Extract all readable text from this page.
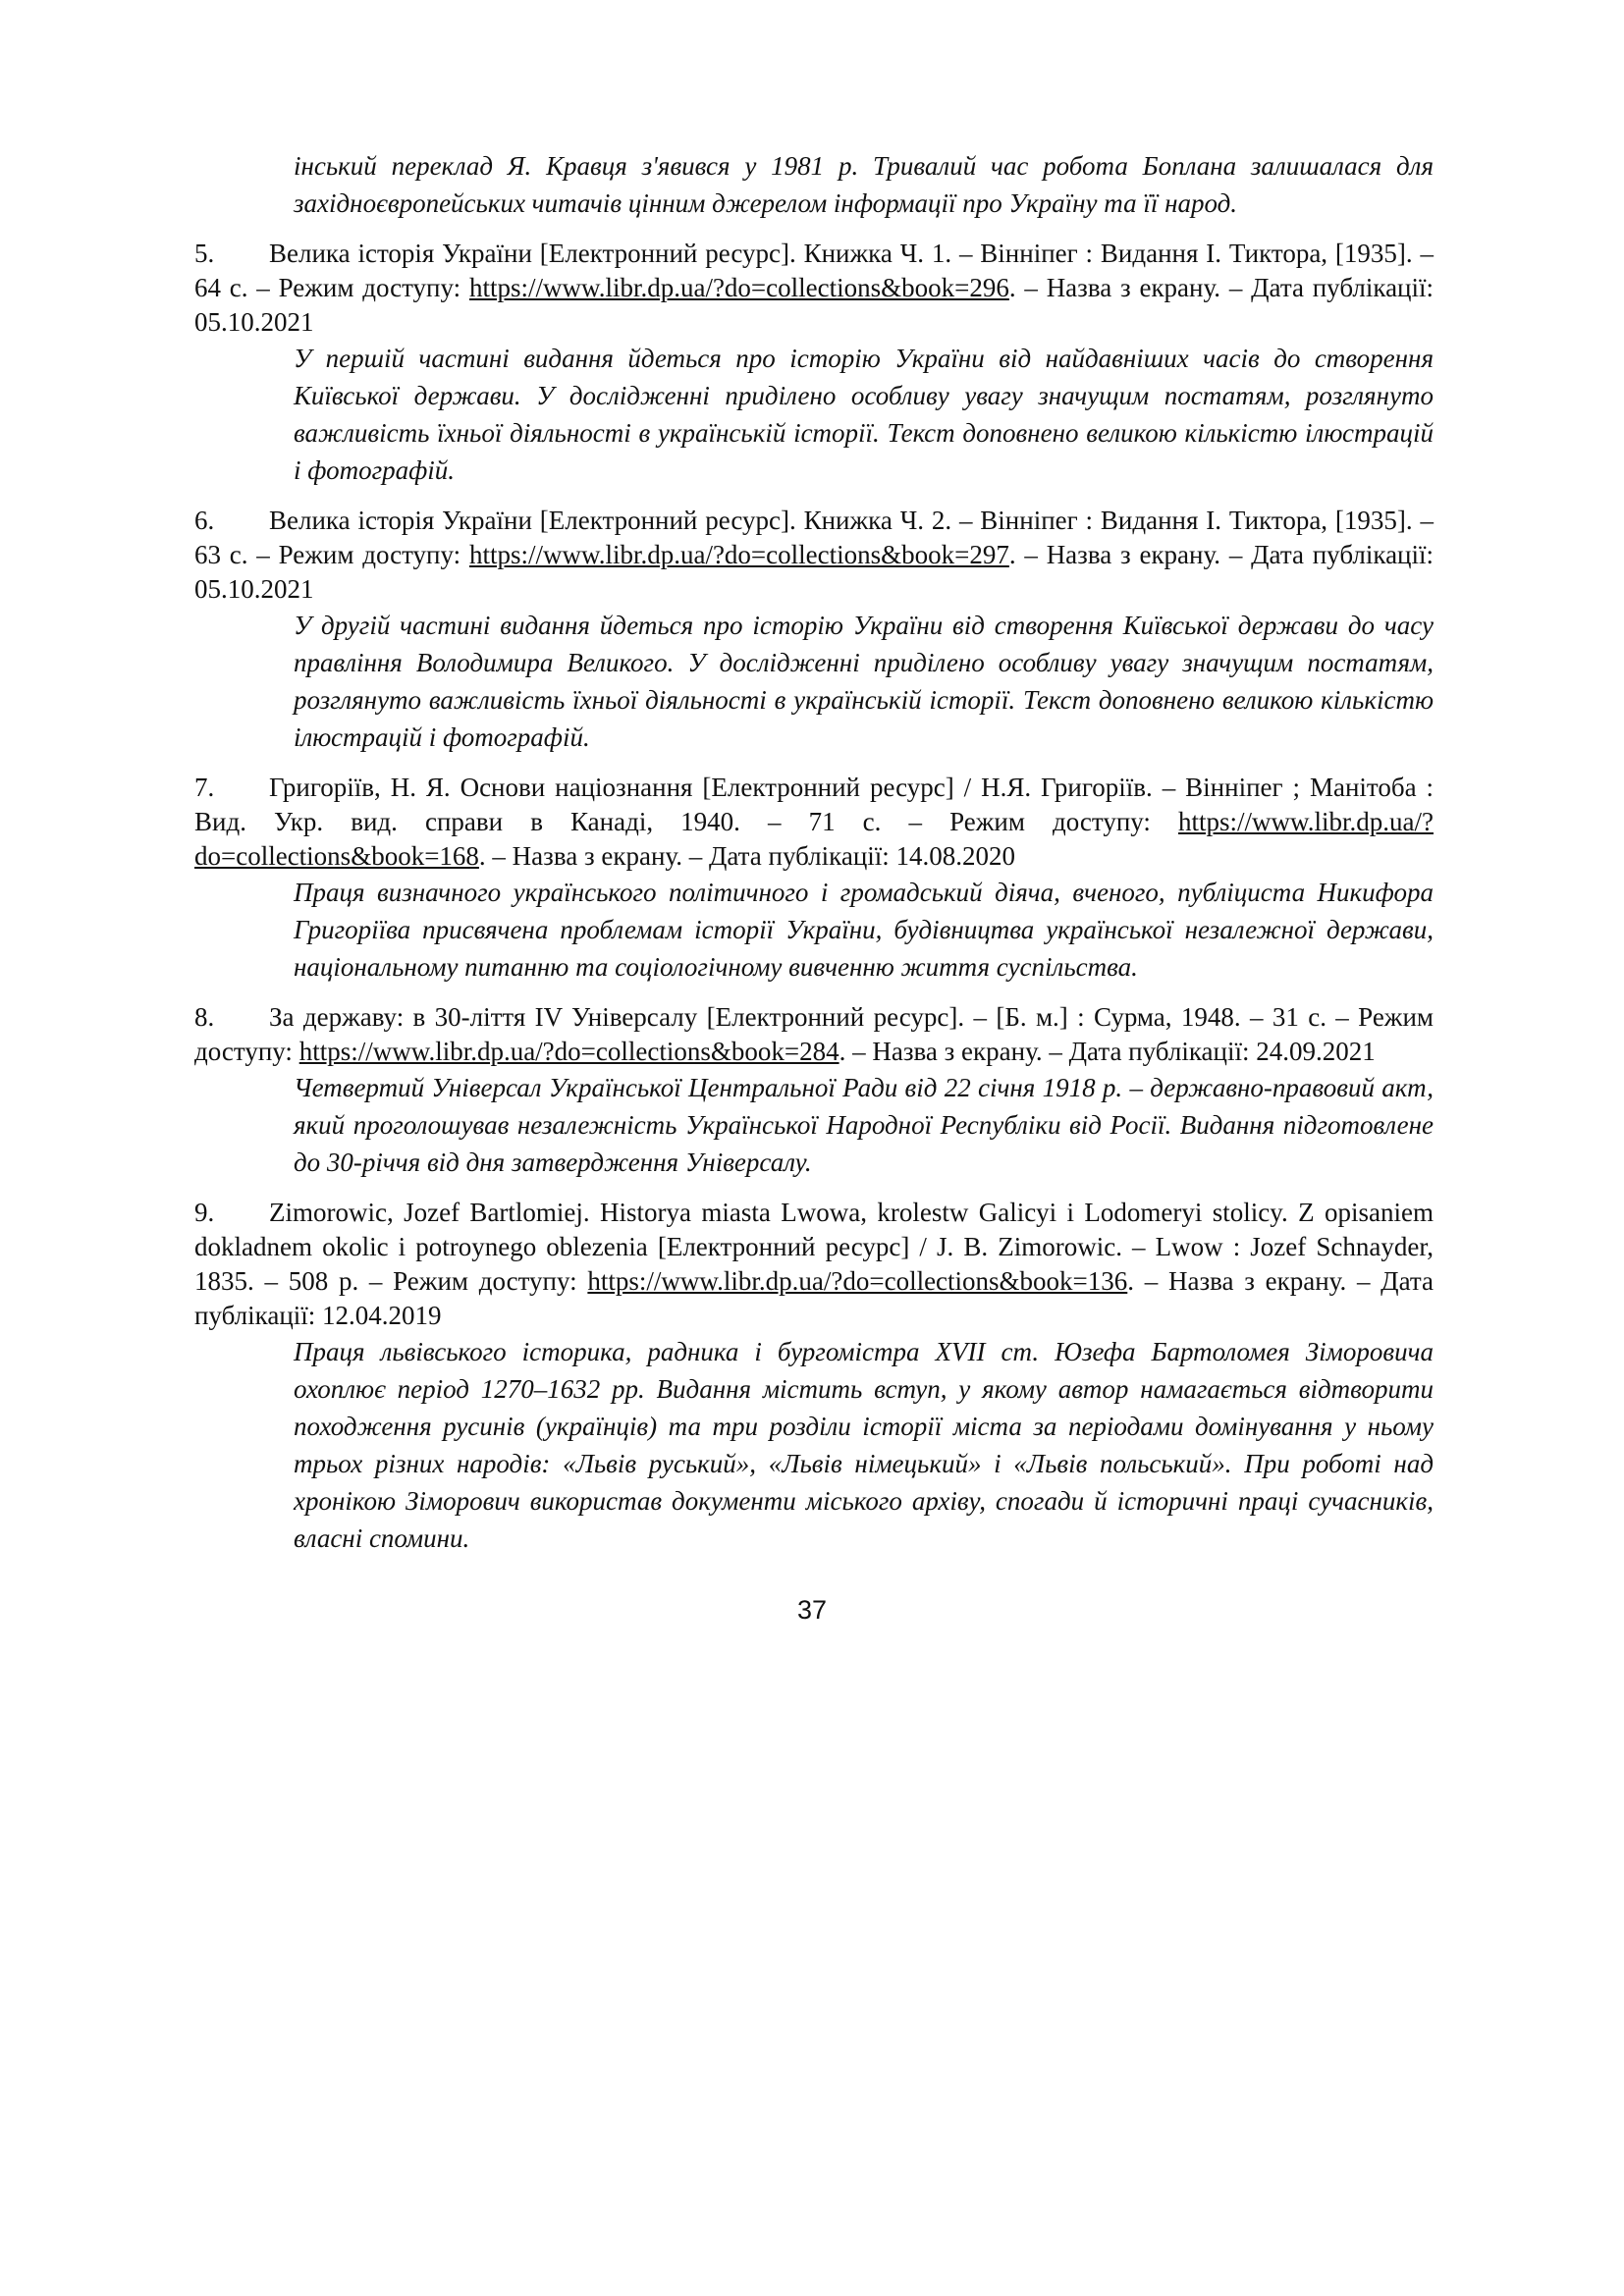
інський переклад Я. Кравця з'явився у 1981 р. Тривалий час робота Боплана залишалася для західноєвропейських читачів цінним джерелом інформації про Україну та її народ.

5. Велика історія України [Електронний ресурс]. Книжка Ч. 1. – Вінніпег : Видання І. Тиктора, [1935]. – 64 с. – Режим доступу: https://www.libr.dp.ua/?do=collections&book=296. – Назва з екрану. – Дата публікації: 05.10.2021

У першій частині видання йдеться про історію України від найдавніших часів до створення Київської держави. У дослідженні приділено особливу увагу значущим постатям, розглянуто важливість їхньої діяльності в українській історії. Текст доповнено великою кількістю ілюстрацій і фотографій.

6. Велика історія України [Електронний ресурс]. Книжка Ч. 2. – Вінніпег : Видання І. Тиктора, [1935]. – 63 с. – Режим доступу: https://www.libr.dp.ua/?do=collections&book=297. – Назва з екрану. – Дата публікації: 05.10.2021

У другій частині видання йдеться про історію України від створення Київської держави до часу правління Володимира Великого. У дослідженні приділено особливу увагу значущим постатям, розглянуто важливість їхньої діяльності в українській історії. Текст доповнено великою кількістю ілюстрацій і фотографій.

7. Григоріїв, Н. Я. Основи націознання [Електронний ресурс] / Н.Я. Григоріїв. – Вінніпег ; Манітоба : Вид. Укр. вид. справи в Канаді, 1940. – 71 с. – Режим доступу: https://www.libr.dp.ua/?do=collections&book=168. – Назва з екрану. – Дата публікації: 14.08.2020

Праця визначного українського політичного і громадський діяча, вченого, публіциста Никифора Григоріїва присвячена проблемам історії України, будівництва української незалежної держави, національному питанню та соціологічному вивченню життя суспільства.

8. За державу: в 30-ліття IV Універсалу [Електронний ресурс]. – [Б. м.] : Сурма, 1948. – 31 с. – Режим доступу: https://www.libr.dp.ua/?do=collections&book=284. – Назва з екрану. – Дата публікації: 24.09.2021

Четвертий Універсал Української Центральної Ради від 22 січня 1918 р. – державно-правовий акт, який проголошував незалежність Української Народної Республіки від Росії. Видання підготовлене до 30-річчя від дня затвердження Універсалу.

9. Zimorowic, Jozef Bartlomiej. Historya miasta Lwowa, krolestw Galicyi i Lodomeryi stolicy. Z opisaniem dokladnem okolic i potroynego oblezenia [Електронний ресурс] / J. B. Zimorowic. – Lwow : Jozef Schnayder, 1835. – 508 p. – Режим доступу: https://www.libr.dp.ua/?do=collections&book=136. – Назва з екрану. – Дата публікації: 12.04.2019

Праця львівського історика, радника і бургомістра XVII ст. Юзефа Бартоломея Зіморовича охоплює період 1270–1632 рр. Видання містить вступ, у якому автор намагається відтворити походження русинів (українців) та три розділи історії міста за періодами домінування у ньому трьох різних народів: «Львів руський», «Львів німецький» і «Львів польський». При роботі над хронікою Зіморович використав документи міського архіву, спогади й історичні праці сучасників, власні спомини.

37
